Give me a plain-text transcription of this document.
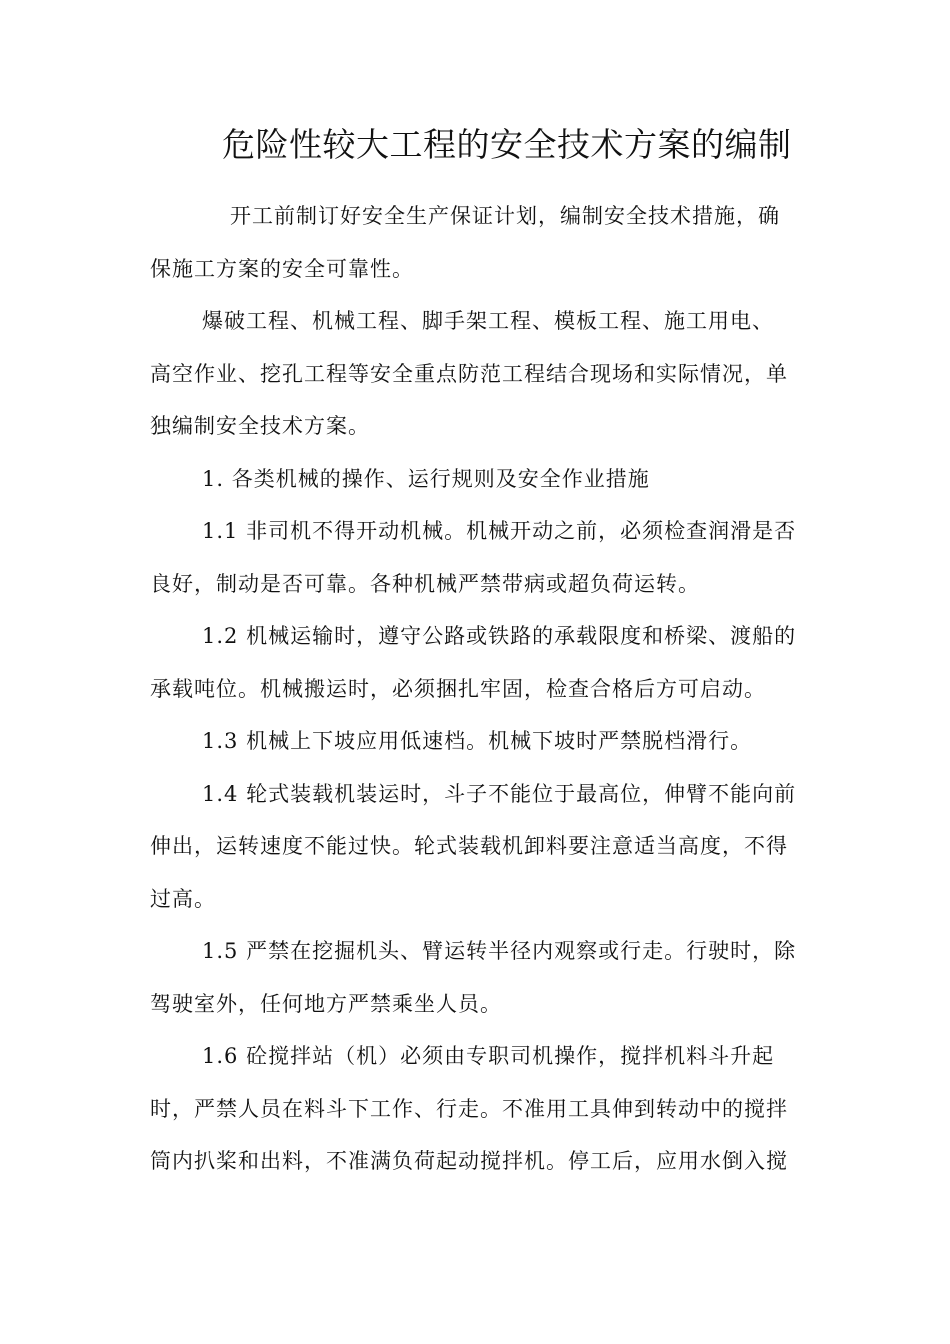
危险性较大工程的安全技术方案的编制
开工前制订好安全生产保证计划，编制安全技术措施，确
保施工方案的安全可靠性。
爆破工程、机械工程、脚手架工程、模板工程、施工用电、
高空作业、挖孔工程等安全重点防范工程结合现场和实际情况，单
独编制安全技术方案。
1. 各类机械的操作、运行规则及安全作业措施
1.1 非司机不得开动机械。机械开动之前，必须检查润滑是否
良好，制动是否可靠。各种机械严禁带病或超负荷运转。
1.2 机械运输时，遵守公路或铁路的承载限度和桥梁、渡船的
承载吨位。机械搬运时，必须捆扎牢固，检查合格后方可启动。
1.3 机械上下坡应用低速档。机械下坡时严禁脱档滑行。
1.4 轮式装载机装运时，斗子不能位于最高位，伸臂不能向前
伸出，运转速度不能过快。轮式装载机卸料要注意适当高度，不得
过高。
1.5 严禁在挖掘机头、臂运转半径内观察或行走。行驶时，除
驾驶室外，任何地方严禁乘坐人员。
1.6 砼搅拌站（机）必须由专职司机操作，搅拌机料斗升起
时，严禁人员在料斗下工作、行走。不准用工具伸到转动中的搅拌
筒内扒桨和出料，不准满负荷起动搅拌机。停工后，应用水倒入搅
